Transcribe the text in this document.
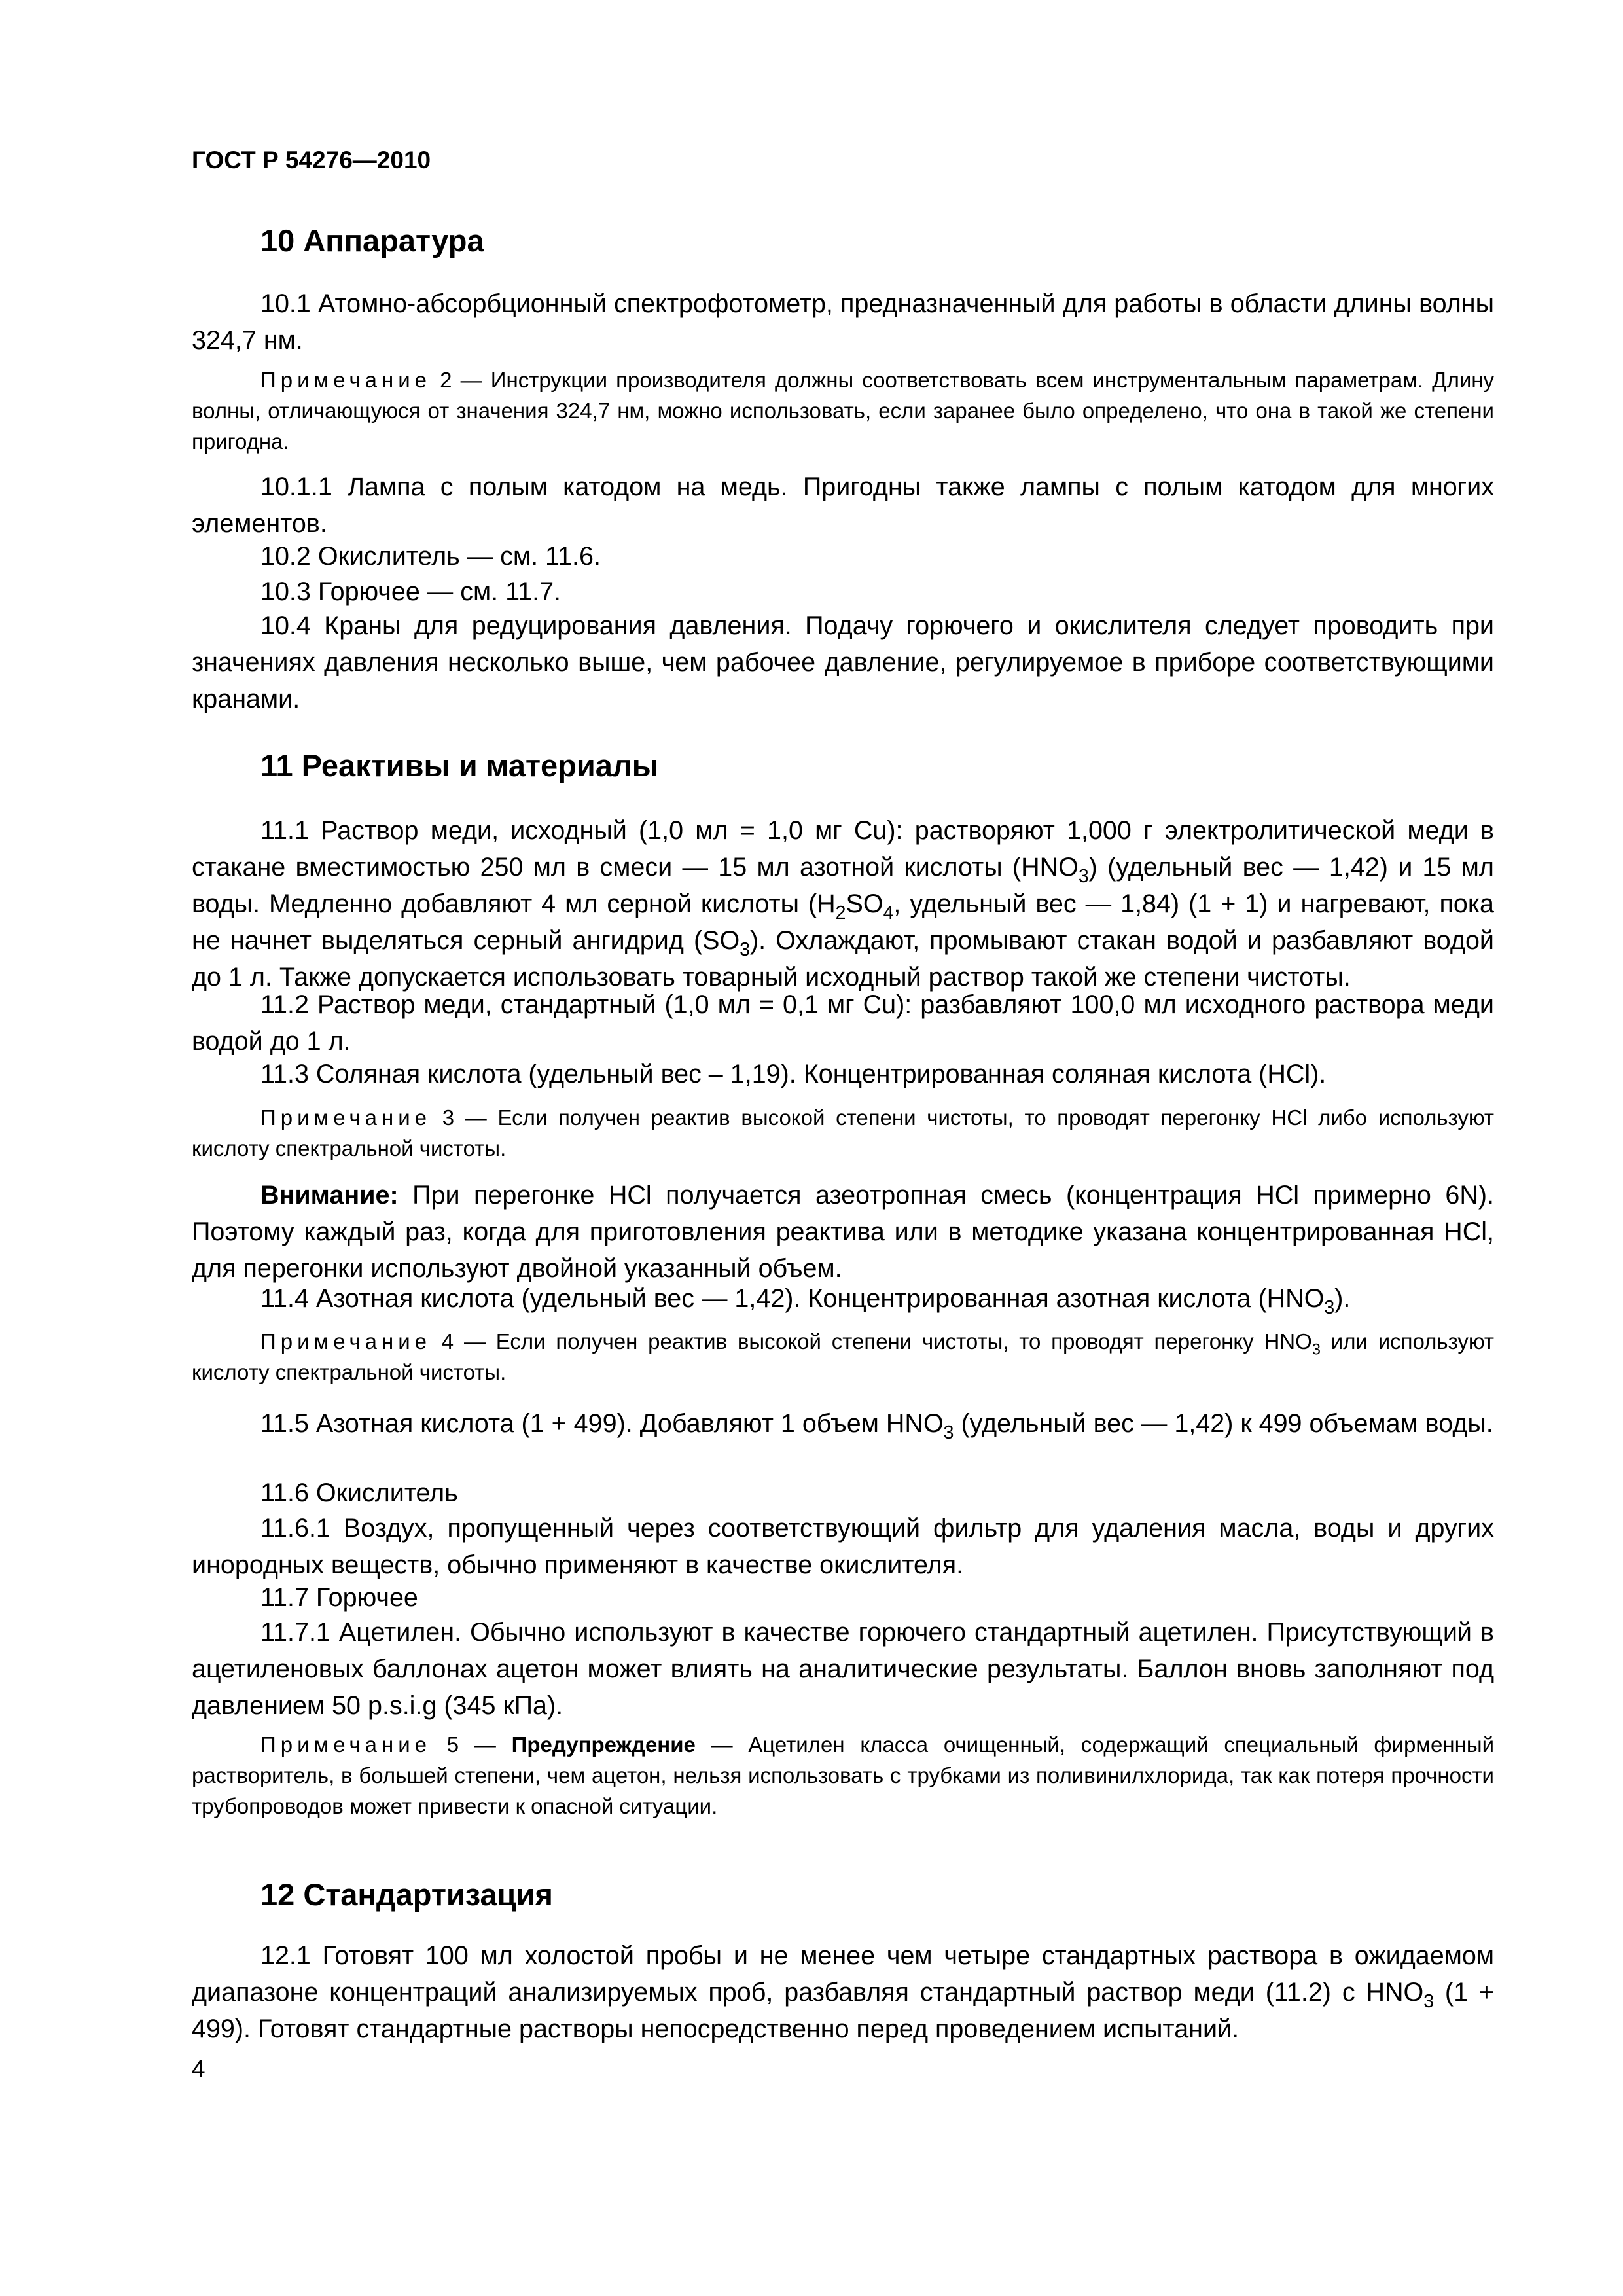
ГОСТ Р 54276—2010
10 Аппаратура
10.1 Атомно-абсорбционный спектрофотометр, предназначенный для работы в области длины волны 324,7 нм.
Примечание 2 — Инструкции производителя должны соответствовать всем инструментальным параметрам. Длину волны, отличающуюся от значения 324,7 нм, можно использовать, если заранее было определено, что она в такой же степени пригодна.
10.1.1 Лампа с полым катодом на медь. Пригодны также лампы с полым катодом для многих элементов.
10.2 Окислитель — см. 11.6.
10.3 Горючее — см. 11.7.
10.4 Краны для редуцирования давления. Подачу горючего и окислителя следует проводить при значениях давления несколько выше, чем рабочее давление, регулируемое в приборе соответствующими кранами.
11 Реактивы и материалы
11.1 Раствор меди, исходный (1,0 мл = 1,0 мг Cu): растворяют 1,000 г электролитической меди в стакане вместимостью 250 мл в смеси — 15 мл азотной кислоты $(HNO_3)$ (удельный вес — 1,42) и 15 мл воды. Медленно добавляют 4 мл серной кислоты ($H_2SO_4$, удельный вес — 1,84) (1 + 1) и нагревают, пока не начнет выделяться серный ангидрид $(SO_3)$. Охлаждают, промывают стакан водой и разбавляют водой до 1 л. Также допускается использовать товарный исходный раствор такой же степени чистоты.
11.2 Раствор меди, стандартный (1,0 мл = 0,1 мг Cu): разбавляют 100,0 мл исходного раствора меди водой до 1 л.
11.3 Соляная кислота (удельный вес – 1,19). Концентрированная соляная кислота (HCl).
Примечание 3 — Если получен реактив высокой степени чистоты, то проводят перегонку HCl либо используют кислоту спектральной чистоты.
Внимание: При перегонке HCl получается азеотропная смесь (концентрация HCl примерно 6N). Поэтому каждый раз, когда для приготовления реактива или в методике указана концентрированная HCl, для перегонки используют двойной указанный объем.
11.4 Азотная кислота (удельный вес — 1,42). Концентрированная азотная кислота $(HNO_3)$.
Примечание 4 — Если получен реактив высокой степени чистоты, то проводят перегонку $HNO_3$ или используют кислоту спектральной чистоты.
11.5 Азотная кислота (1 + 499). Добавляют 1 объем $HNO_3$ (удельный вес — 1,42) к 499 объемам воды.
11.6 Окислитель
11.6.1 Воздух, пропущенный через соответствующий фильтр для удаления масла, воды и других инородных веществ, обычно применяют в качестве окислителя.
11.7 Горючее
11.7.1 Ацетилен. Обычно используют в качестве горючего стандартный ацетилен. Присутствующий в ацетиленовых баллонах ацетон может влиять на аналитические результаты. Баллон вновь заполняют под давлением 50 p.s.i.g (345 кПа).
Примечание 5 — Предупреждение — Ацетилен класса очищенный, содержащий специальный фирменный растворитель, в большей степени, чем ацетон, нельзя использовать с трубками из поливинилхлорида, так как потеря прочности трубопроводов может привести к опасной ситуации.
12 Стандартизация
12.1 Готовят 100 мл холостой пробы и не менее чем четыре стандартных раствора в ожидаемом диапазоне концентраций анализируемых проб, разбавляя стандартный раствор меди (11.2) с $HNO_3$ (1 + 499). Готовят стандартные растворы непосредственно перед проведением испытаний.
4
